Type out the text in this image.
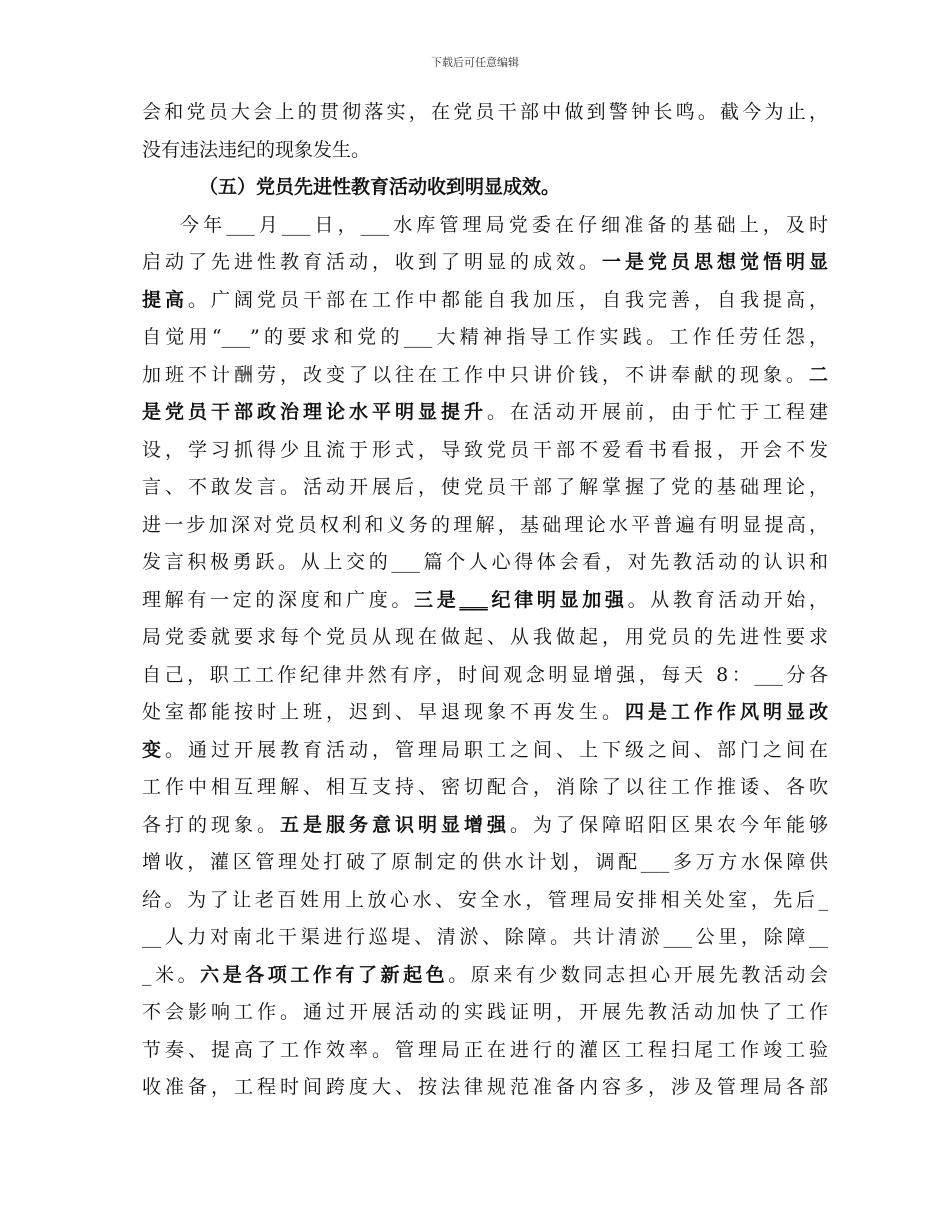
下载后可任意编辑
会和党员大会上的贯彻落实，在党员干部中做到警钟长鸣。截今为止，
没有违法违纪的现象发生。
（五）党员先进性教育活动收到明显成效。
今年___月___日，___水库管理局党委在仔细准备的基础上，及时
启动了先进性教育活动，收到了明显的成效。一是党员思想觉悟明显
提高。广阔党员干部在工作中都能自我加压，自我完善，自我提高，
自觉用“___”的要求和党的___大精神指导工作实践。工作任劳任怨，
加班不计酬劳，改变了以往在工作中只讲价钱，不讲奉献的现象。二
是党员干部政治理论水平明显提升。在活动开展前，由于忙于工程建
设，学习抓得少且流于形式，导致党员干部不爱看书看报，开会不发
言、不敢发言。活动开展后，使党员干部了解掌握了党的基础理论，
进一步加深对党员权利和义务的理解，基础理论水平普遍有明显提高，
发言积极勇跃。从上交的___篇个人心得体会看，对先教活动的认识和
理解有一定的深度和广度。三是___纪律明显加强。从教育活动开始，
局党委就要求每个党员从现在做起、从我做起，用党员的先进性要求
自己，职工工作纪律井然有序，时间观念明显增强，每天 8：___分各
处室都能按时上班，迟到、早退现象不再发生。四是工作作风明显改
变。通过开展教育活动，管理局职工之间、上下级之间、部门之间在
工作中相互理解、相互支持、密切配合，消除了以往工作推诿、各吹
各打的现象。五是服务意识明显增强。为了保障昭阳区果农今年能够
增收，灌区管理处打破了原制定的供水计划，调配___多万方水保障供
给。为了让老百姓用上放心水、安全水，管理局安排相关处室，先后_
__人力对南北干渠进行巡堤、清淤、除障。共计清淤___公里，除障__
_米。六是各项工作有了新起色。原来有少数同志担心开展先教活动会
不会影响工作。通过开展活动的实践证明，开展先教活动加快了工作
节奏、提高了工作效率。管理局正在进行的灌区工程扫尾工作竣工验
收准备，工程时间跨度大、按法律规范准备内容多，涉及管理局各部
